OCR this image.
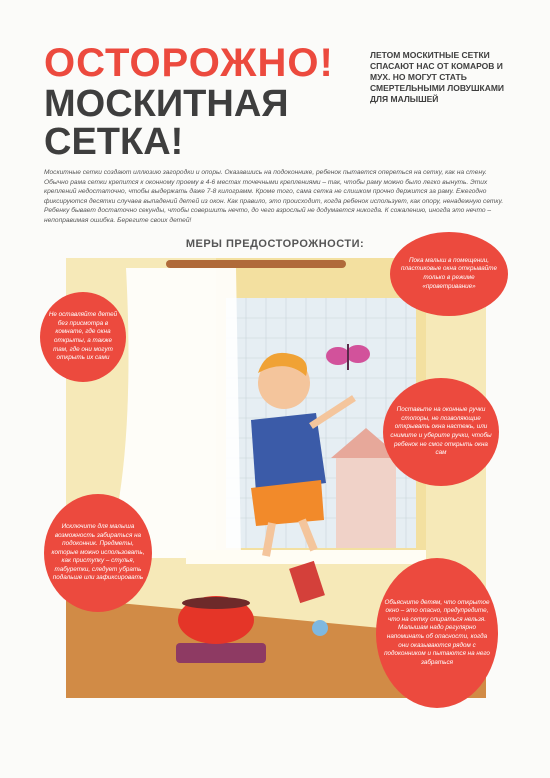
ОСТОРОЖНО!
МОСКИТНАЯ
СЕТКА!
ЛЕТОМ МОСКИТНЫЕ СЕТКИ СПАСАЮТ НАС ОТ КОМАРОВ И МУХ. НО МОГУТ СТАТЬ СМЕРТЕЛЬНЫМИ ЛОВУШКАМИ ДЛЯ МАЛЫШЕЙ
Москитные сетки создают иллюзию загородки и опоры. Оказавшись на подоконнике, ребенок пытается опереться на сетку, как на стену. Обычно рама сетки крепится к оконному проему в 4-6 местах точечными креплениями – так, чтобы раму можно было легко вынуть. Этих креплений недостаточно, чтобы выдержать даже 7-8 килограмм. Кроме того, сама сетка не слишком прочно держится за раму. Ежегодно фиксируются десятки случаев выпадений детей из окон. Как правило, это происходит, когда ребенок использует, как опору, ненадежную сетку. Ребенку бывает достаточно секунды, чтобы совершить нечто, до чего взрослый не додумается никогда. К сожалению, иногда это нечто – непоправимая ошибка. Берегите своих детей!
МЕРЫ ПРЕДОСТОРОЖНОСТИ:
Не оставляйте детей без присмотра в комнате, где окна открыты, а также там, где они могут открыть их сами
Пока малыш в помещении, пластиковые окна открывайте только в режиме «проветривание»
Поставьте на оконные ручки стопоры, не позволяющие открывать окна настежь, или снимите и уберите ручки, чтобы ребенок не смог открыть окна сам
Исключите для малыша возможность забираться на подоконник. Предметы, которые можно использовать, как приступку – стулья, табуретки, следует убрать подальше или зафиксировать
Объясните детям, что открытое окно – это опасно, предупредите, что на сетку опираться нельзя. Малышам надо регулярно напоминать об опасности, когда они оказываются рядом с подоконником и пытаются на него забраться
